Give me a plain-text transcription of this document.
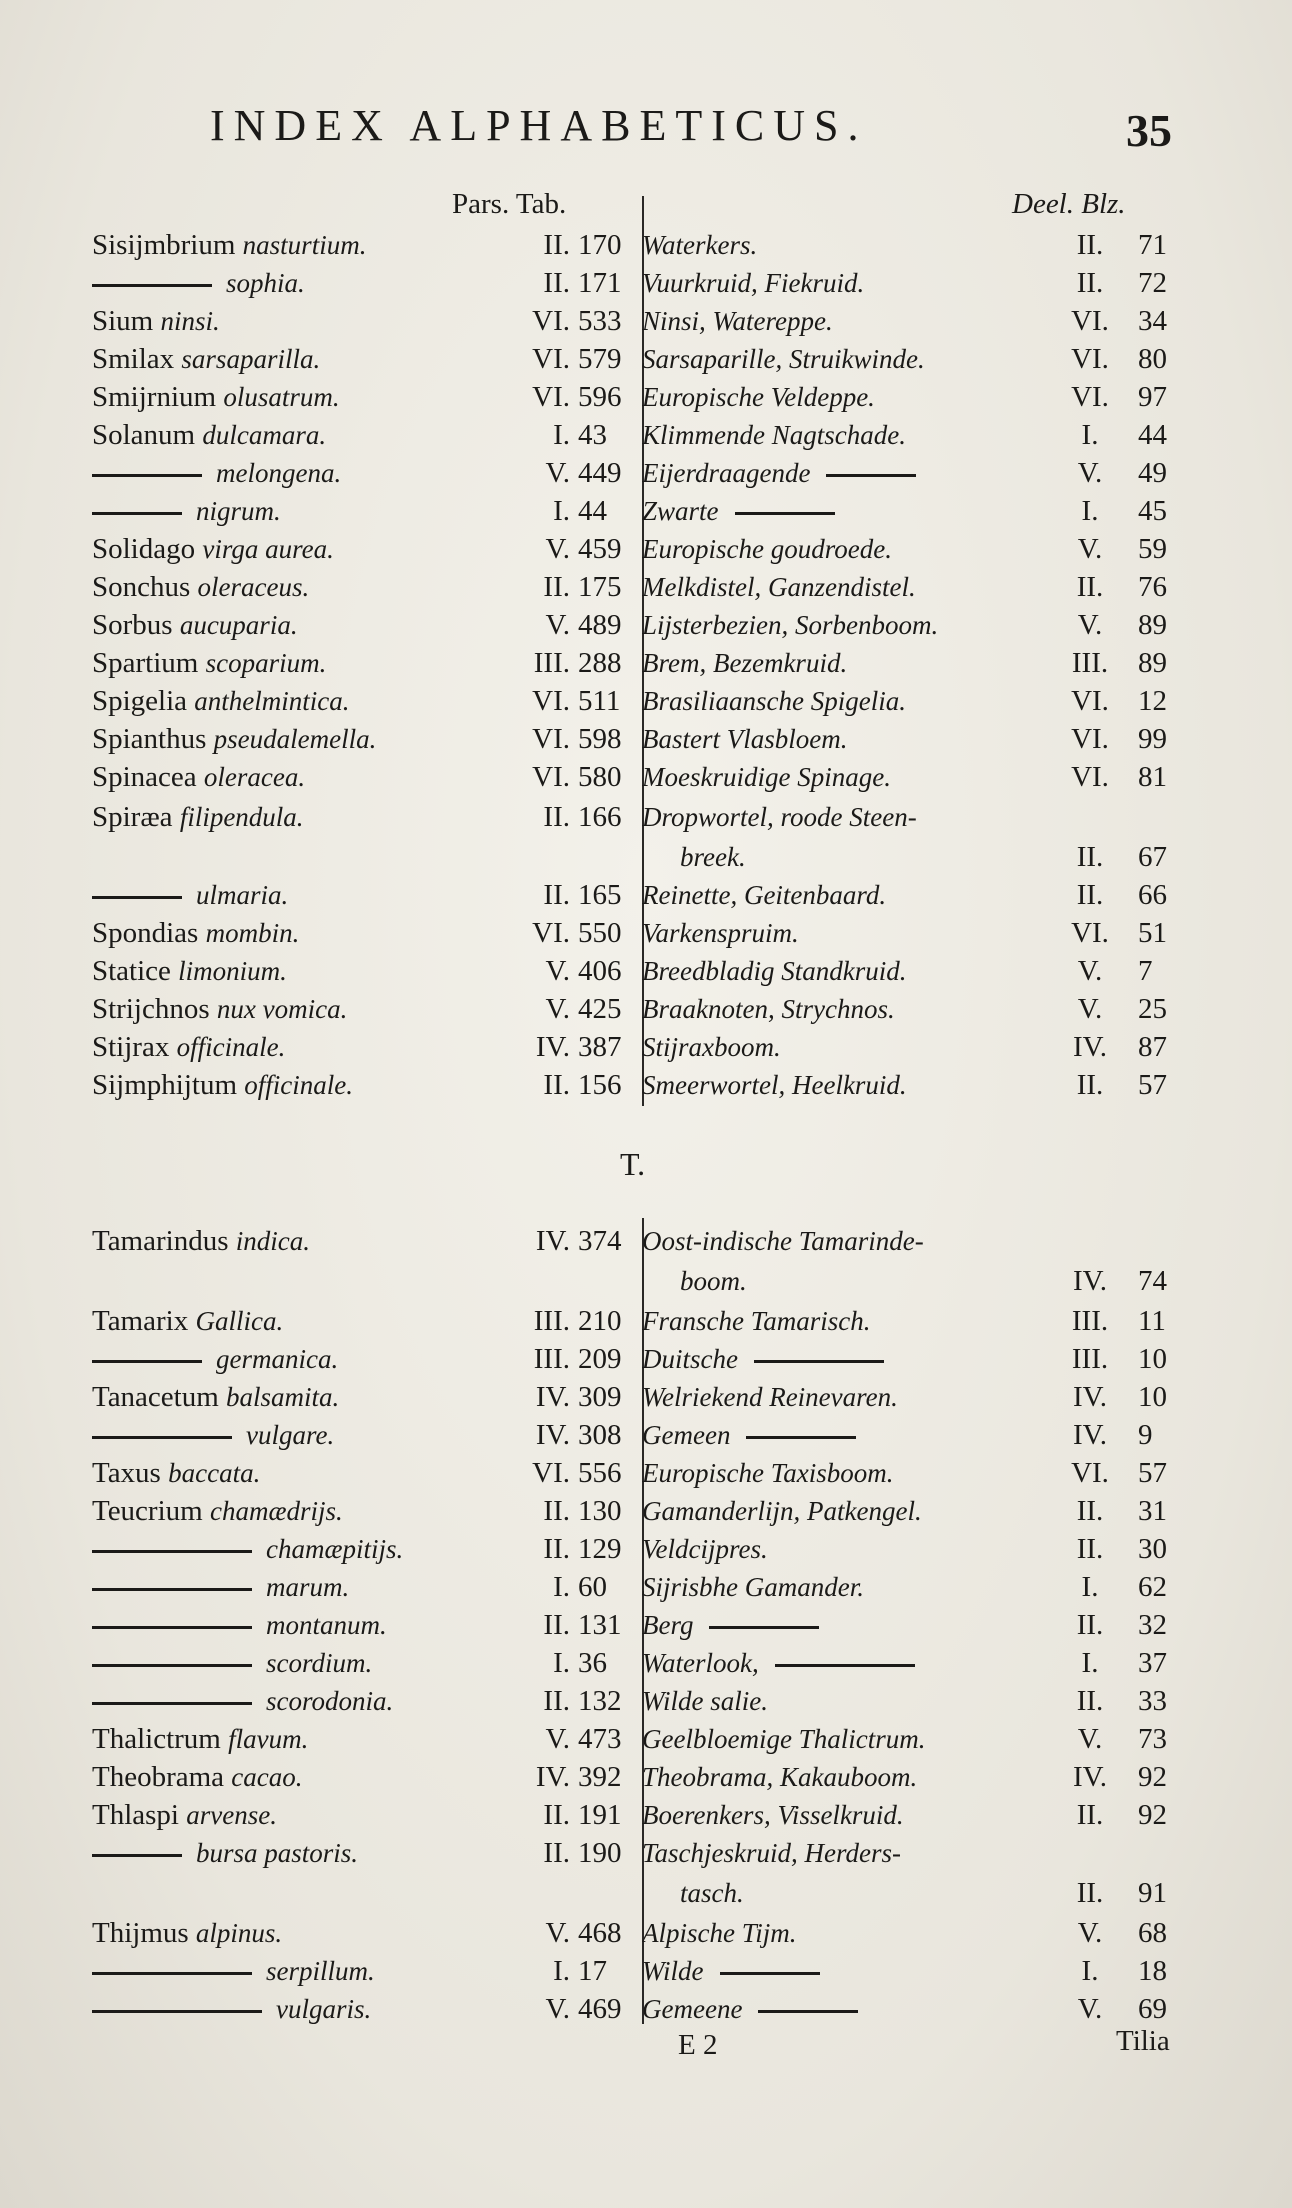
INDEX ALPHABETICUS.	35
Pars. Tab.	Deel. Blz.
T.
Sisijmbrium nasturtium.	II. 170 Waterkers.	II.	71
sophia.	II. 171 Vuurkruid, Fiekruid.	II.	72
Sium ninsi.	VI. 533 Ninsi, Watereppe.	VI.	34
Smilax sarsaparilla.	VI. 579 Sarsaparille, Struikwinde.	VI.	80
Smijrnium olusatrum.	VI. 596 Europische Veldeppe.	VI.	97
Solanum dulcamara.	I. 43	Klimmende Nagtschade.	I.	44
melongena.	V. 449 Eijerdraagende	V.	49
nigrum.	I. 44	Zwarte	I.	45
Solidago virga aurea.	V. 459 Europische goudroede.	V.	59
Sonchus oleraceus.	II. 175 Melkdistel, Ganzendistel.	II.	76
Sorbus aucuparia.	V. 489 Lijsterbezien, Sorbenboom.	V.	89
Spartium scoparium.	III. 288 Brem, Bezemkruid.	III.	89
Spigelia anthelmintica.	VI. 511 Brasiliaansche Spigelia.	VI.	12
Spianthus pseudalemella.	VI. 598 Bastert Vlasbloem.	VI.	99
Spinacea oleracea.	VI. 580 Moeskruidige Spinage.	VI.	81
Spiræa filipendula.	II. 166 Dropwortel, roode Steen-
breek.	II.	67
ulmaria.	II. 165 Reinette, Geitenbaard.	II.	66
Spondias mombin.	VI. 550 Varkenspruim.	VI.	51
Statice limonium.	V. 406 Breedbladig Standkruid.	V.	7
Strijchnos nux vomica.	V. 425 Braaknoten, Strychnos.	V.	25
Stijrax officinale.	IV. 387 Stijraxboom.	IV.	87
Sijmphijtum officinale.	II. 156 Smeerwortel, Heelkruid.	II.	57
Tamarindus indica.	IV. 374 Oost-indische Tamarinde-
boom.	IV.	74
Tamarix Gallica.	III. 210 Fransche Tamarisch.	III.	11
germanica.	III. 209 Duitsche	III.	10
Tanacetum balsamita.	IV. 309 Welriekend Reinevaren.	IV.	10
vulgare.	IV. 308 Gemeen	IV.	9
Taxus baccata.	VI. 556 Europische Taxisboom.	VI.	57
Teucrium chamædrijs.	II. 130 Gamanderlijn, Patkengel.	II.	31
chamæpitijs.	II. 129 Veldcijpres.	II.	30
marum.	I. 60	Sijrisbhe Gamander.	I.	62
montanum.	II. 131 Berg	II.	32
scordium.	I. 36	Waterlook,	I.	37
scorodonia.	II. 132 Wilde salie.	II.	33
Thalictrum flavum.	V. 473 Geelbloemige Thalictrum.	V.	73
Theobrama cacao.	IV. 392 Theobrama, Kakauboom.	IV.	92
Thlaspi arvense.	II. 191 Boerenkers, Visselkruid.	II.	92
bursa pastoris.	II. 190 Taschjeskruid, Herders-
tasch.	II.	91
Thijmus alpinus.	V. 468 Alpische Tijm.	V.	68
serpillum.	I. 17	Wilde	I.	18
vulgaris.	V. 469 Gemeene	V.	69
E 2	Tilia
